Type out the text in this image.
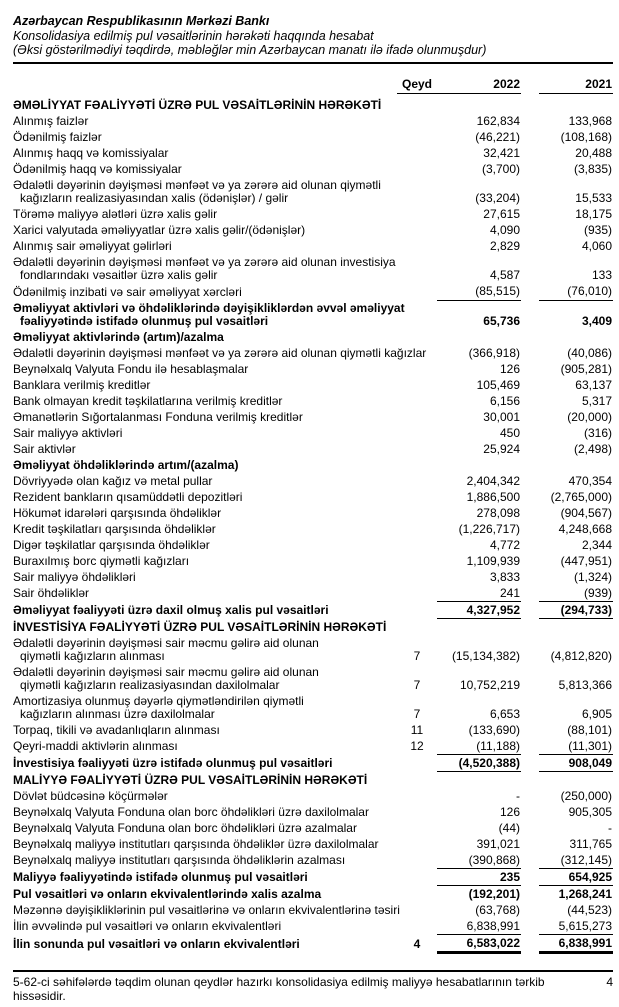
Azərbaycan Respublikasının Mərkəzi Bankı
Konsolidasiya edilmiş pul vəsaitlərinin hərəkəti haqqında hesabat
(Əksi göstərilmədiyi təqdirdə, məbləğlər min Azərbaycan manatı ilə ifadə olunmuşdur)
	Qeyd	2022		2021
ƏMƏLİYYAT FƏALİYYƏTİ ÜZRƏ PUL VƏSAİTLƏRİNİN HƏRƏKƏTİ				

Alınmış faizlər		162,834		133,968

Ödənilmiş faizlər		(46,221)		(108,168)

Alınmış haqq və komissiyalar		32,421		20,488

Ödənilmiş haqq və komissiyalar		(3,700)		(3,835)

Ədalətli dəyərinin dəyişməsi mənfəət və ya zərərə aid olunan qiymətli
kağızların realizasiyasından xalis (ödənişlər) / gəlir		(33,204)		15,533

Törəmə maliyyə alətləri üzrə xalis gəlir		27,615		18,175

Xarici valyutada əməliyyatlar üzrə xalis gəlir/(ödənişlər)		4,090		(935)

Alınmış sair əməliyyat gəlirləri		2,829		4,060

Ədalətli dəyərinin dəyişməsi mənfəət və ya zərərə aid olunan investisiya
fondlarındakı vəsaitlər üzrə xalis gəlir		4,587		133

Ödənilmiş inzibati və sair əməliyyat xərcləri		(85,515)		(76,010)

Əməliyyat aktivləri və öhdəliklərində dəyişikliklərdən əvvəl əməliyyat
fəaliyyətində istifadə olunmuş pul vəsaitləri		65,736		3,409
Əməliyyat aktivlərində (artım)/azalma				

Ədalətli dəyərinin dəyişməsi mənfəət və ya zərərə aid olunan qiymətli kağızlar		(366,918)		(40,086)

Beynəlxalq Valyuta Fondu ilə hesablaşmalar		126		(905,281)

Banklara verilmiş kreditlər		105,469		63,137

Bank olmayan kredit təşkilatlarına verilmiş kreditlər		6,156		5,317

Əmanətlərin Sığortalanması Fonduna verilmiş kreditlər		30,001		(20,000)

Sair maliyyə aktivləri		450		(316)

Sair aktivlər		25,924		(2,498)
Əməliyyat öhdəliklərində artım/(azalma)				

Dövriyyədə olan kağız və metal pullar		2,404,342		470,354

Rezident bankların qısamüddətli depozitləri		1,886,500		(2,765,000)

Hökumət idarələri qarşısında öhdəliklər		278,098		(904,567)

Kredit təşkilatları qarşısında öhdəliklər		(1,226,717)		4,248,668

Digər təşkilatlar qarşısında öhdəliklər		4,772		2,344

Buraxılmış borc qiymətli kağızları		1,109,939		(447,951)

Sair maliyyə öhdəlikləri		3,833		(1,324)

Sair öhdəliklər		241		(939)

Əməliyyat fəaliyyəti üzrə daxil olmuş xalis pul vəsaitləri		4,327,952		(294,733)
İNVESTİSİYA FƏALİYYƏTİ ÜZRƏ PUL VƏSAİTLƏRİNİN HƏRƏKƏTİ				

Ədalətli dəyərinin dəyişməsi sair məcmu gəlirə aid olunan
qiymətli kağızların alınması	7	(15,134,382)		(4,812,820)

Ədalətli dəyərinin dəyişməsi sair məcmu gəlirə aid olunan
qiymətli kağızların realizasiyasından daxilolmalar	7	10,752,219		5,813,366

Amortizasiya olunmuş dəyərlə qiymətləndirilən qiymətli
kağızların alınması üzrə daxilolmalar	7	6,653		6,905

Torpaq, tikili və avadanlıqların alınması	11	(133,690)		(88,101)

Qeyri-maddi aktivlərin alınması	12	(11,188)		(11,301)

İnvestisiya fəaliyyəti üzrə istifadə olunmuş pul vəsaitləri		(4,520,388)		908,049
MALİYYƏ FƏALİYYƏTİ ÜZRƏ PUL VƏSAİTLƏRİNİN HƏRƏKƏTİ				

Dövlət büdcəsinə köçürmələr		-		(250,000)

Beynəlxalq Valyuta Fonduna olan borc öhdəlikləri üzrə daxilolmalar		126		905,305

Beynəlxalq Valyuta Fonduna olan borc öhdəlikləri üzrə azalmalar		(44)		-

Beynəlxalq maliyyə institutları qarşısında öhdəliklər üzrə daxilolmalar		391,021		311,765

Beynəlxalq maliyyə institutları qarşısında öhdəliklərin azalması		(390,868)		(312,145)

Maliyyə fəaliyyətində istifadə olunmuş pul vəsaitləri		235		654,925

Pul vəsaitləri və onların ekvivalentlərində xalis azalma		(192,201)		1,268,241

Məzənnə dəyişikliklərinin pul vəsaitlərinə və onların ekvivalentlərinə təsiri		(63,768)		(44,523)

İlin əvvəlində pul vəsaitləri və onların ekvivalentləri		6,838,991		5,615,273

İlin sonunda pul vəsaitləri və onların ekvivalentləri	4	6,583,022		6,838,991
5-62-ci səhifələrdə təqdim olunan qeydlər hazırkı konsolidasiya edilmiş maliyyə hesabatlarının tərkib hissəsidir.
4
